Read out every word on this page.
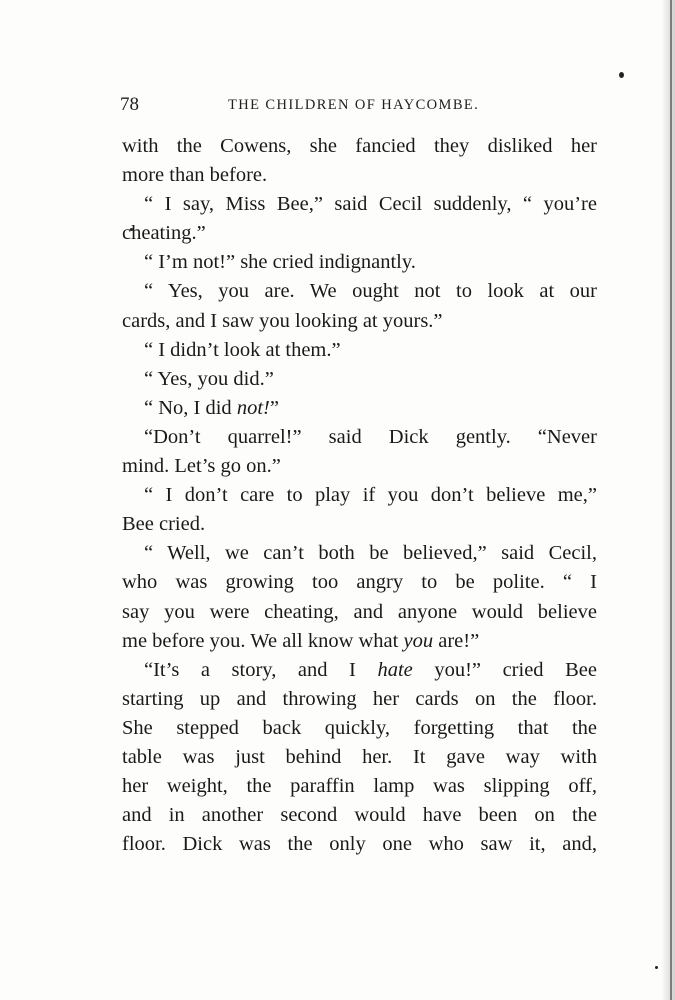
78	THE CHILDREN OF HAYCOMBE.
with the Cowens, she fancied they disliked her
more than before.
“ I say, Miss Bee,” said Cecil suddenly, “ you’re
cheating.”
“ I’m not!” she cried indignantly.
“ Yes, you are. We ought not to look at our
cards, and I saw you looking at yours.”
“ I didn’t look at them.”
“ Yes, you did.”
“ No, I did not!”
“Don’t quarrel!” said Dick gently. “Never
mind. Let’s go on.”
“ I don’t care to play if you don’t believe me,”
Bee cried.
“ Well, we can’t both be believed,” said Cecil,
who was growing too angry to be polite. “ I
say you were cheating, and anyone would believe
me before you. We all know what you are!”
“It’s a story, and I hate you!” cried Bee
starting up and throwing her cards on the floor.
She stepped back quickly, forgetting that the
table was just behind her. It gave way with
her weight, the paraffin lamp was slipping off,
and in another second would have been on the
floor. Dick was the only one who saw it, and,
